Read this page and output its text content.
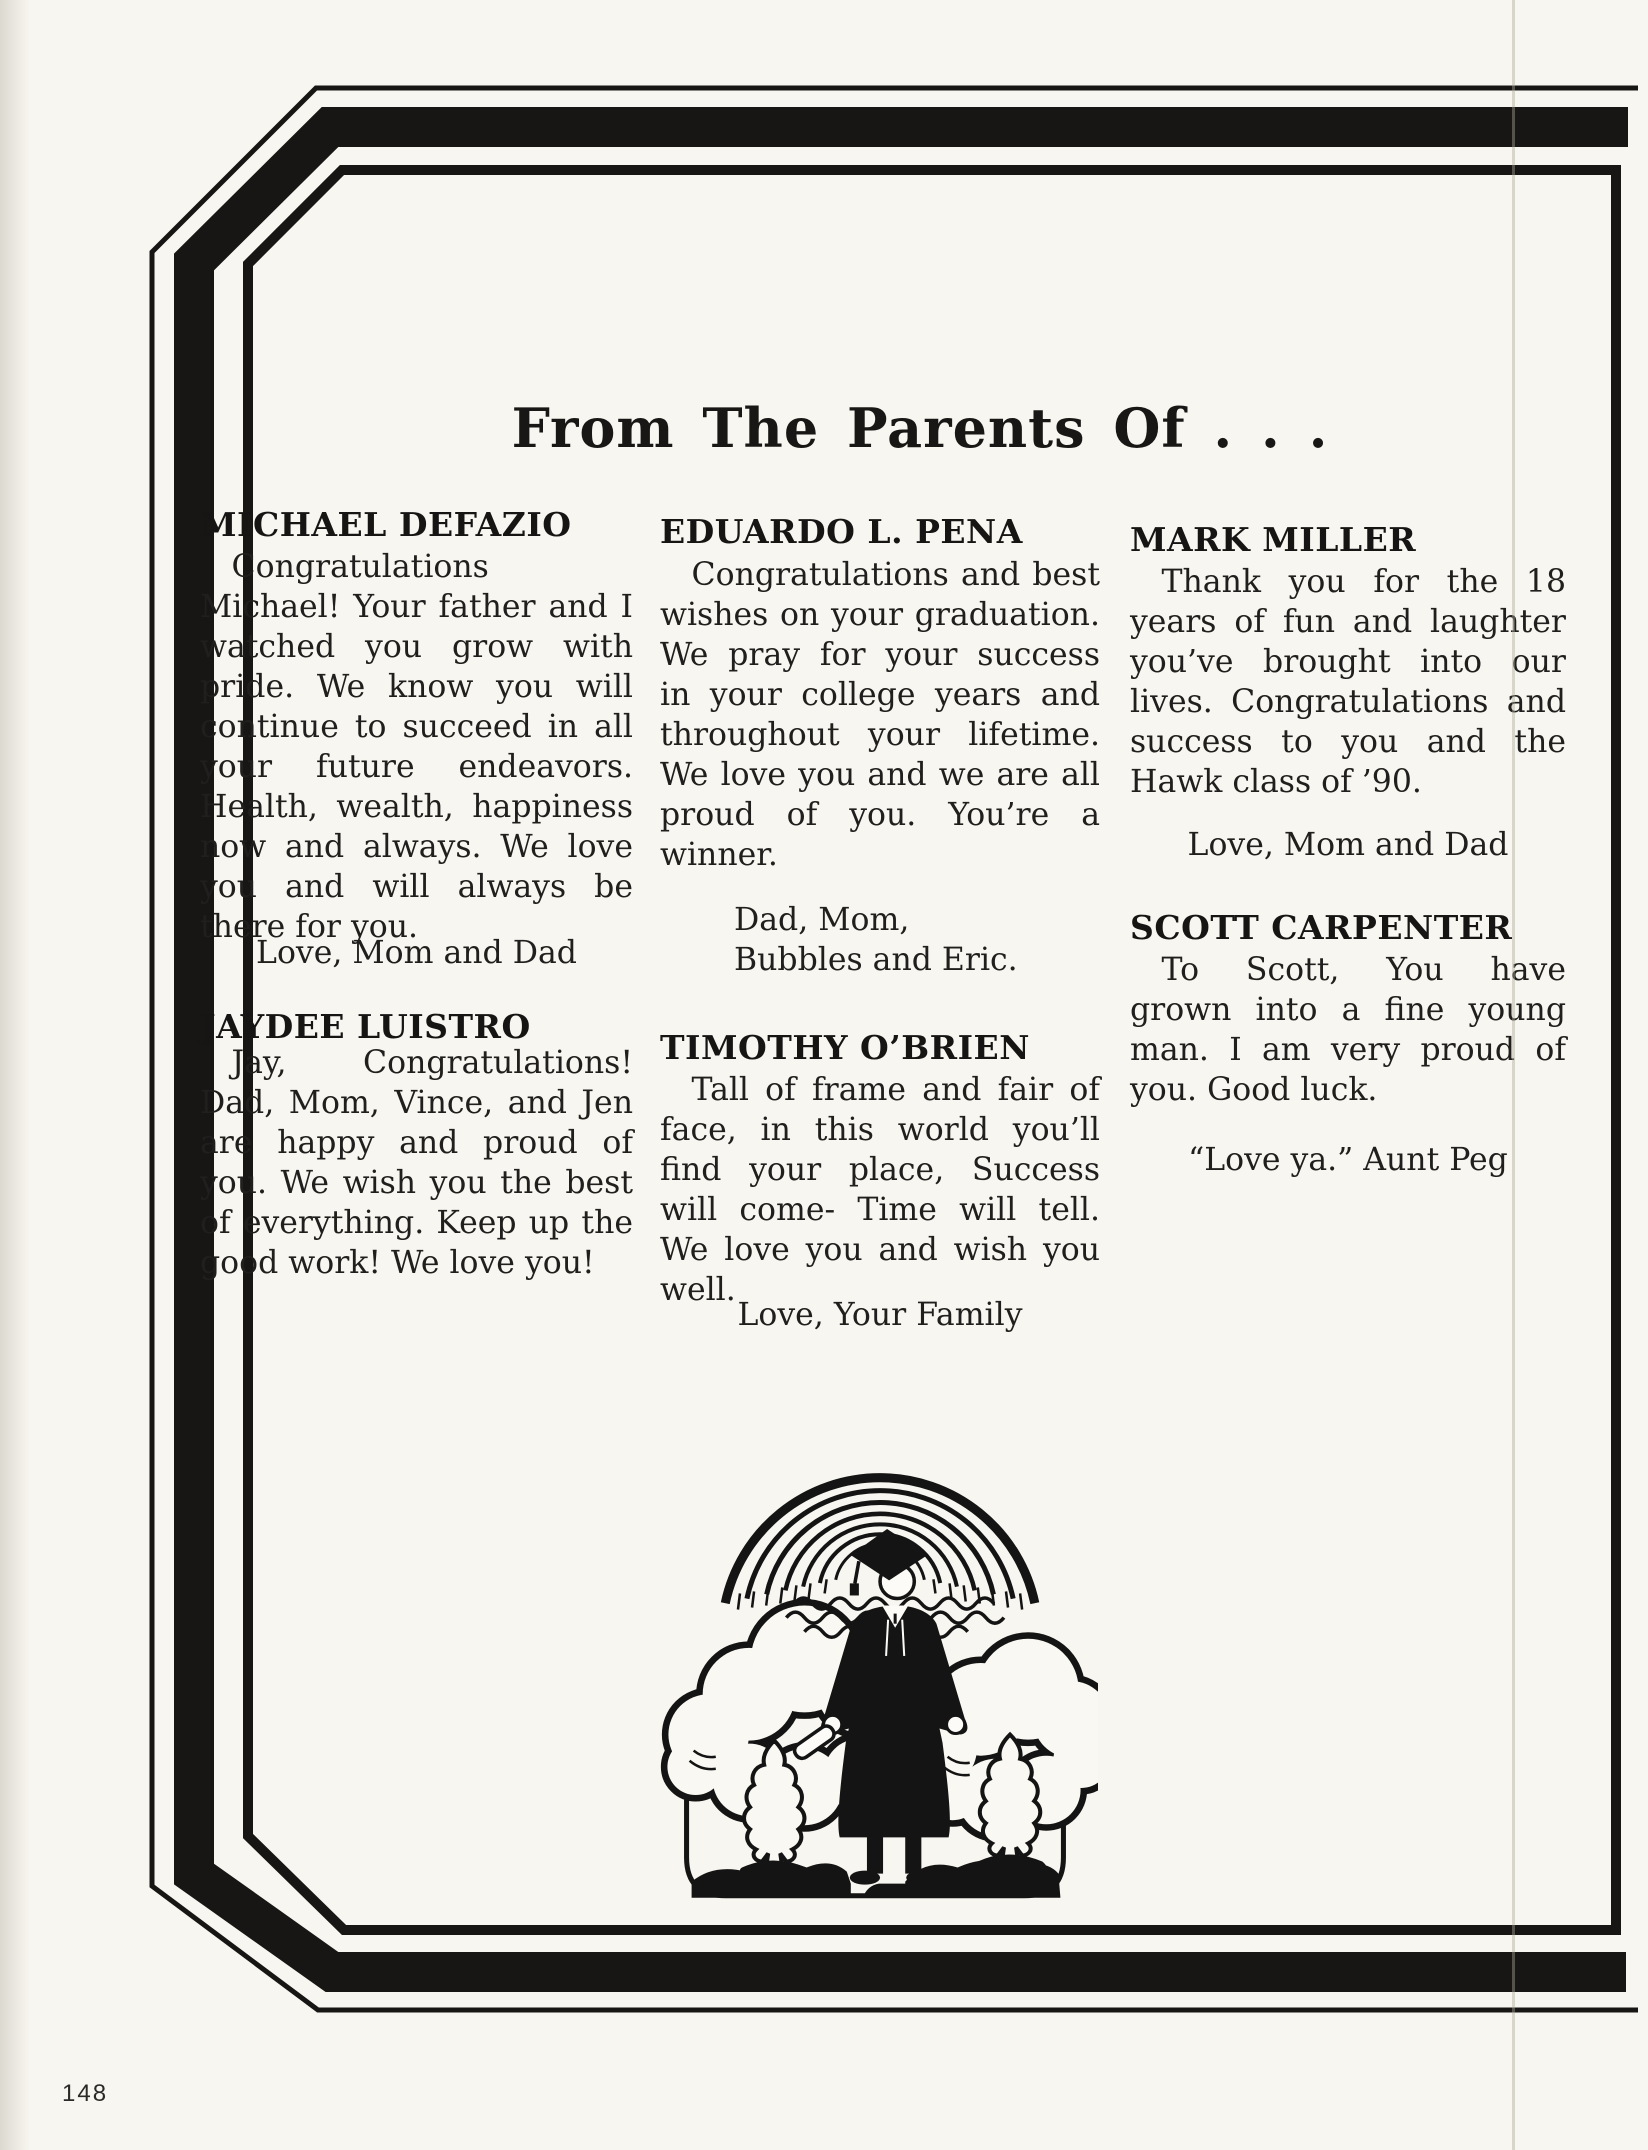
From The Parents Of . . .
MICHAEL DEFAZIO
Congratulations Michael! Your father and I watched you grow with pride. We know you will continue to succeed in all your future endeavors. Health, wealth, happiness now and always. We love you and will always be there for you.
Love, Mom and Dad
JAYDEE LUISTRO
Jay, Congratulations! Dad, Mom, Vince, and Jen are happy and proud of you. We wish you the best of everything. Keep up the good work! We love you!
EDUARDO L. PENA
Congratulations and best wishes on your graduation. We pray for your success in your college years and throughout your lifetime. We love you and we are all proud of you. You’re a winner.
Dad, Mom, Bubbles and Eric.
TIMOTHY O’BRIEN
Tall of frame and fair of face, in this world you’ll find your place, Success will come- Time will tell. We love you and wish you well.
Love, Your Family
MARK MILLER
Thank you for the 18 years of fun and laughter you’ve brought into our lives. Congratulations and success to you and the Hawk class of ’90.
Love, Mom and Dad
SCOTT CARPENTER
To Scott, You have grown into a fine young man. I am very proud of you. Good luck.
“Love ya.” Aunt Peg
148
